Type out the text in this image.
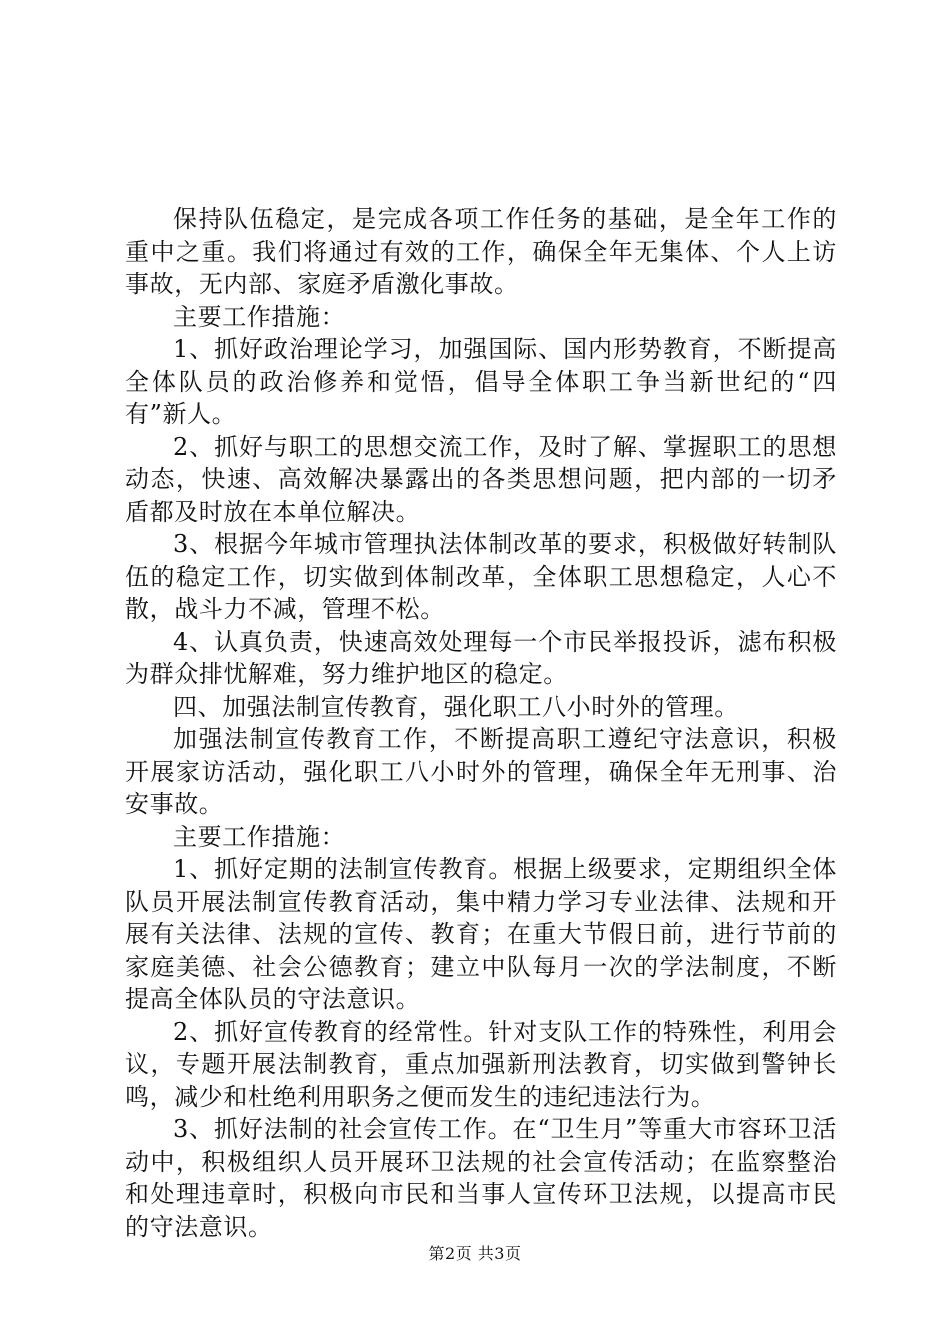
保持队伍稳定，是完成各项工作任务的基础，是全年工作的重中之重。我们将通过有效的工作，确保全年无集体、个人上访事故，无内部、家庭矛盾激化事故。

主要工作措施：

1、抓好政治理论学习，加强国际、国内形势教育，不断提高全体队员的政治修养和觉悟，倡导全体职工争当新世纪的“四有”新人。

2、抓好与职工的思想交流工作，及时了解、掌握职工的思想动态，快速、高效解决暴露出的各类思想问题，把内部的一切矛盾都及时放在本单位解决。

3、根据今年城市管理执法体制改革的要求，积极做好转制队伍的稳定工作，切实做到体制改革，全体职工思想稳定，人心不散，战斗力不减，管理不松。

4、认真负责，快速高效处理每一个市民举报投诉，滤布积极为群众排忧解难，努力维护地区的稳定。

四、加强法制宣传教育，强化职工八小时外的管理。

加强法制宣传教育工作，不断提高职工遵纪守法意识，积极开展家访活动，强化职工八小时外的管理，确保全年无刑事、治安事故。

主要工作措施：

1、抓好定期的法制宣传教育。根据上级要求，定期组织全体队员开展法制宣传教育活动，集中精力学习专业法律、法规和开展有关法律、法规的宣传、教育；在重大节假日前，进行节前的家庭美德、社会公德教育；建立中队每月一次的学法制度，不断提高全体队员的守法意识。

2、抓好宣传教育的经常性。针对支队工作的特殊性，利用会议，专题开展法制教育，重点加强新刑法教育，切实做到警钟长鸣，减少和杜绝利用职务之便而发生的违纪违法行为。

3、抓好法制的社会宣传工作。在“卫生月”等重大市容环卫活动中，积极组织人员开展环卫法规的社会宣传活动；在监察整治和处理违章时，积极向市民和当事人宣传环卫法规，以提高市民的守法意识。

第2页 共3页
